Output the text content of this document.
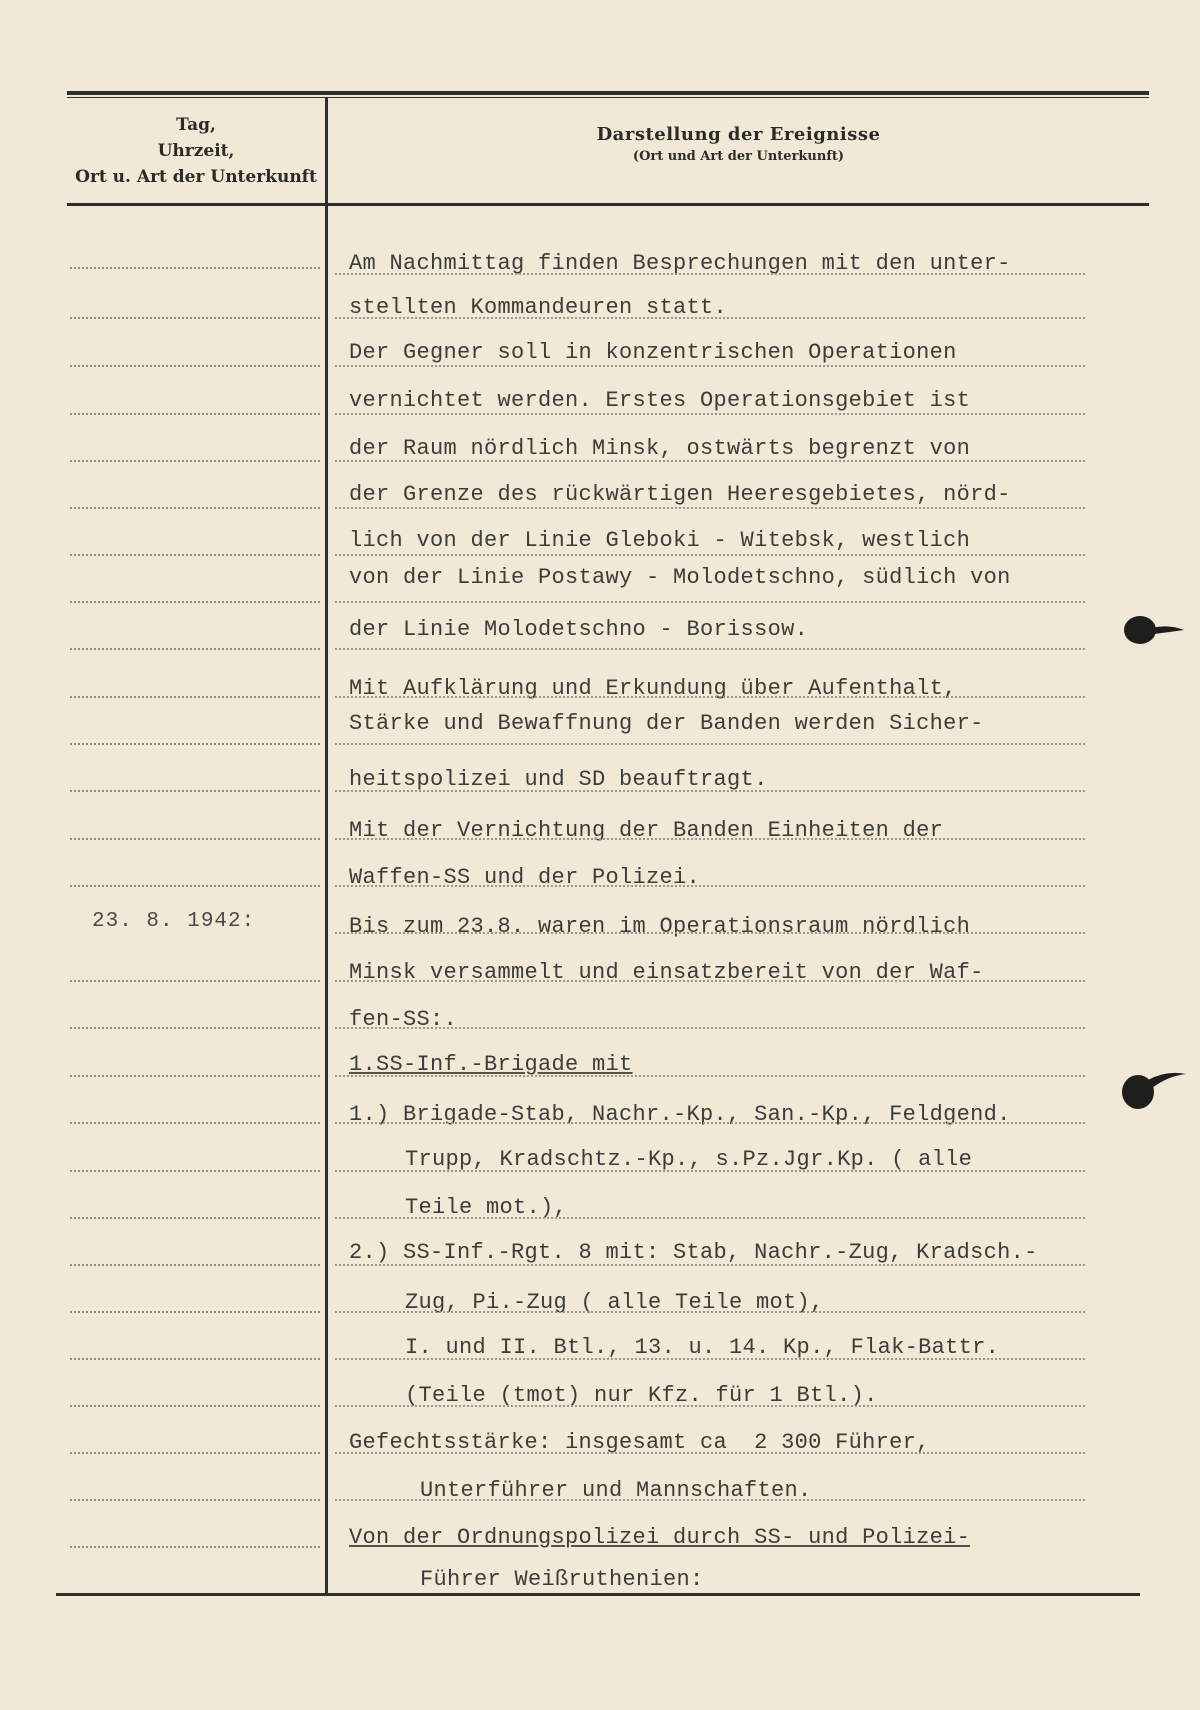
Tag,
Uhrzeit,
Ort u. Art der Unterkunft
Darstellung der Ereignisse
(Ort und Art der Unterkunft)
23. 8. 1942:
Am Nachmittag finden Besprechungen mit den unter-
stellten Kommandeuren statt.
Der Gegner soll in konzentrischen Operationen
vernichtet werden. Erstes Operationsgebiet ist
der Raum nördlich Minsk, ostwärts begrenzt von
der Grenze des rückwärtigen Heeresgebietes, nörd-
lich von der Linie Gleboki - Witebsk, westlich
von der Linie Postawy - Molodetschno, südlich von
der Linie Molodetschno - Borissow.
Mit Aufklärung und Erkundung über Aufenthalt,
Stärke und Bewaffnung der Banden werden Sicher-
heitspolizei und SD beauftragt.
Mit der Vernichtung der Banden Einheiten der
Waffen-SS und der Polizei.
Bis zum 23.8. waren im Operationsraum nördlich
Minsk versammelt und einsatzbereit von der Waf-
fen-SS:.
1.SS-Inf.-Brigade mit
1.) Brigade-Stab, Nachr.-Kp., San.-Kp., Feldgend.
Trupp, Kradschtz.-Kp., s.Pz.Jgr.Kp. ( alle
Teile mot.),
2.) SS-Inf.-Rgt. 8 mit: Stab, Nachr.-Zug, Kradsch.-
Zug, Pi.-Zug ( alle Teile mot),
I. und II. Btl., 13. u. 14. Kp., Flak-Battr.
(Teile (tmot) nur Kfz. für 1 Btl.).
Gefechtsstärke: insgesamt ca  2 300 Führer,
Unterführer und Mannschaften.
Von der Ordnungspolizei durch SS- und Polizei-
Führer Weißruthenien:
